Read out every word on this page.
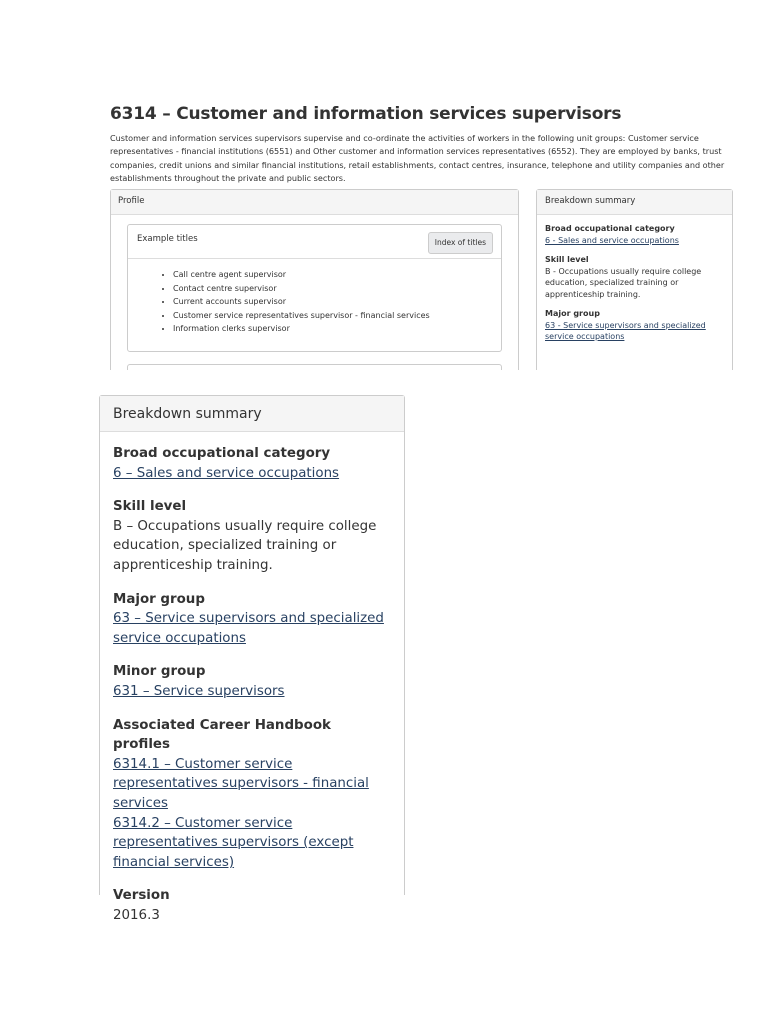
6314 – Customer and information services supervisors
Customer and information services supervisors supervise and co-ordinate the activities of workers in the following unit groups: Customer service representatives - financial institutions (6551) and Other customer and information services representatives (6552). They are employed by banks, trust companies, credit unions and similar financial institutions, retail establishments, contact centres, insurance, telephone and utility companies and other establishments throughout the private and public sectors.
Profile
Example titles	Index of titles
• Call centre agent supervisor
• Contact centre supervisor
• Current accounts supervisor
• Customer service representatives supervisor - financial services
• Information clerks supervisor
Breakdown summary
Broad occupational category
6 - Sales and service occupations
Skill level
B - Occupations usually require college education, specialized training or apprenticeship training.
Major group
63 - Service supervisors and specialized service occupations
Breakdown summary
Broad occupational category
6 – Sales and service occupations
Skill level
B – Occupations usually require college education, specialized training or apprenticeship training.
Major group
63 – Service supervisors and specialized service occupations
Minor group
631 – Service supervisors
Associated Career Handbook profiles
6314.1 – Customer service representatives supervisors - financial services
6314.2 – Customer service representatives supervisors (except financial services)
Version
2016.3
